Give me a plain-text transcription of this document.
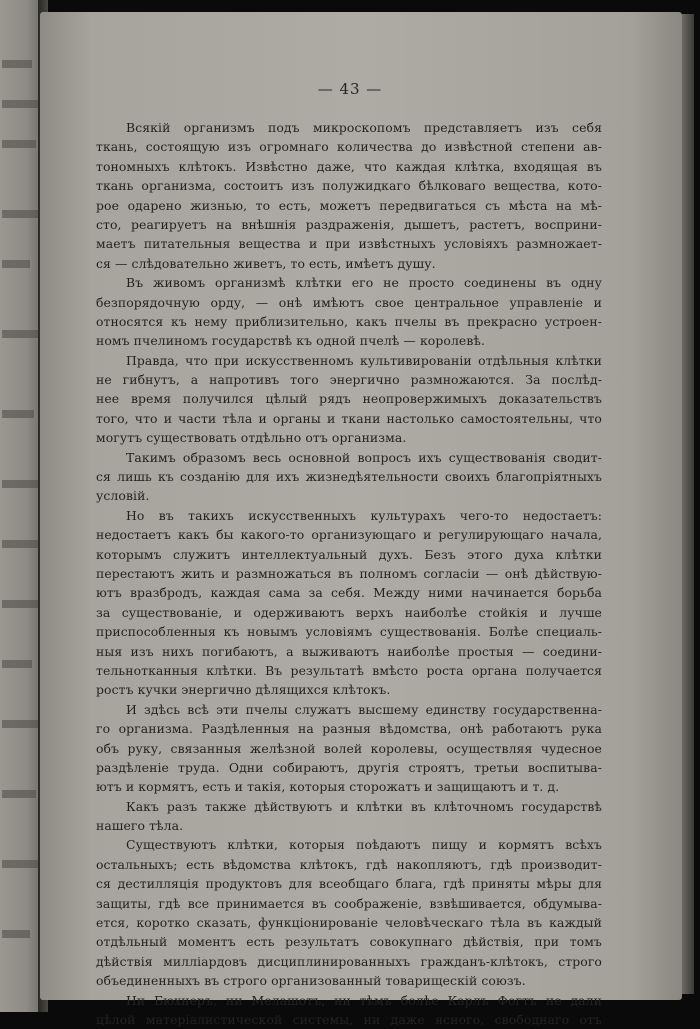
— 43 —
Всякій организмъ подъ микроскопомъ представляетъ изъ себя
ткань, состоящую изъ огромнаго количества до извѣстной степени ав-
тономныхъ клѣтокъ. Извѣстно даже, что каждая клѣтка, входящая въ
ткань организма, состоитъ изъ полужидкаго бѣлковаго вещества, кото-
рое одарено жизнью, то есть, можетъ передвигаться съ мѣста на мѣ-
сто, реагируетъ на внѣшнія раздраженія, дышетъ, растетъ, восприни-
маетъ питательныя вещества и при извѣстныхъ условіяхъ размножает-
ся — слѣдовательно живетъ, то есть, имѣетъ душу.
Въ живомъ организмѣ клѣтки его не просто соединены въ одну
безпорядочную орду, — онѣ имѣютъ свое центральное управленіе и
относятся къ нему приблизительно, какъ пчелы въ прекрасно устроен-
номъ пчелиномъ государствѣ къ одной пчелѣ — королевѣ.
Правда, что при искусственномъ культивированіи отдѣльныя клѣтки
не гибнутъ, а напротивъ того энергично размножаются. За послѣд-
нее время получился цѣлый рядъ неопровержимыхъ доказательствъ
того, что и части тѣла и органы и ткани настолько самостоятельны, что
могутъ существовать отдѣльно отъ организма.
Такимъ образомъ весь основной вопросъ ихъ существованія сводит-
ся лишь къ созданію для ихъ жизнедѣятельности своихъ благопріятныхъ
условій.
Но въ такихъ искусственныхъ культурахъ чего-то недостаетъ:
недостаетъ какъ бы какого-то организующаго и регулирующаго начала,
которымъ служитъ интеллектуальный духъ. Безъ этого духа клѣтки
перестаютъ жить и размножаться въ полномъ согласіи — онѣ дѣйствую-
ютъ вразбродъ, каждая сама за себя. Между ними начинается борьба
за существованіе, и одерживаютъ верхъ наиболѣе стойкія и лучше
приспособленныя къ новымъ условіямъ существованія. Болѣе специаль-
ныя изъ нихъ погибаютъ, а выживаютъ наиболѣе простыя — соедини-
тельнотканныя клѣтки. Въ результатѣ вмѣсто роста органа получается
ростъ кучки энергично дѣлящихся клѣтокъ.
И здѣсь всѣ эти пчелы служатъ высшему единству государственна-
го организма. Раздѣленныя на разныя вѣдомства, онѣ работаютъ рука
объ руку, связанныя желѣзной волей королевы, осуществляя чудесное
раздѣленіе труда. Одни собираютъ, другія строятъ, третьи воспитыва-
ютъ и кормятъ, есть и такія, которыя сторожатъ и защищаютъ и т. д.
Какъ разъ также дѣйствуютъ и клѣтки въ клѣточномъ государствѣ
нашего тѣла.
Существуютъ клѣтки, которыя поѣдаютъ пищу и кормятъ всѣхъ
остальныхъ; есть вѣдомства клѣтокъ, гдѣ накопляютъ, гдѣ производит-
ся дестилляція продуктовъ для всеобщаго блага, гдѣ приняты мѣры для
защиты, гдѣ все принимается въ соображеніе, взвѣшивается, обдумыва-
ется, коротко сказать, функціонированіе человѣческаго тѣла въ каждый
отдѣльный моментъ есть результатъ совокупнаго дѣйствія, при томъ
дѣйствія милліардовъ дисциплинированныхъ гражданъ-клѣтокъ, строго
объединенныхъ въ строго организованный товарищескій союзъ.
Ни Бюхнеръ, ни Мелашотъ, ни тѣмъ болѣе Карлъ Фогтъ не дали
цѣлой матеріалистической системы, ни даже ясного, свободнаго отъ
